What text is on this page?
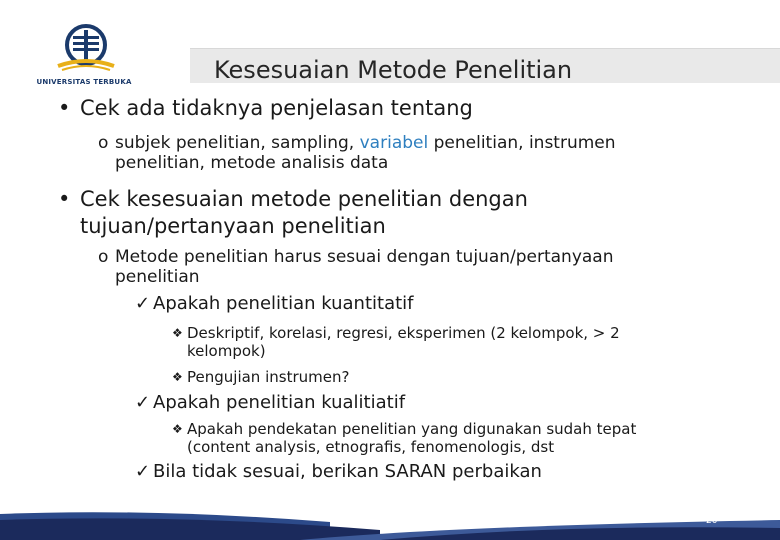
UNIVERSITAS TERBUKA	Kesesuaian Metode Penelitian
• Cek ada tidaknya penjelasan tentang
o subjek penelitian, sampling, variabel penelitian, instrumen
penelitian, metode analisis data
• Cek kesesuaian metode penelitian dengan
tujuan/pertanyaan penelitian
o Metode penelitian harus sesuai dengan tujuan/pertanyaan
penelitian
✓ Apakah penelitian kuantitatif
❖ Deskriptif, korelasi, regresi, eksperimen (2 kelompok, > 2
kelompok)
❖ Pengujian instrumen?
✓ Apakah penelitian kualitiatif
❖ Apakah pendekatan penelitian yang digunakan sudah tepat
(content analysis, etnografis, fenomenologis, dst
✓ Bila tidak sesuai, berikan SARAN perbaikan
-- kap --	20
